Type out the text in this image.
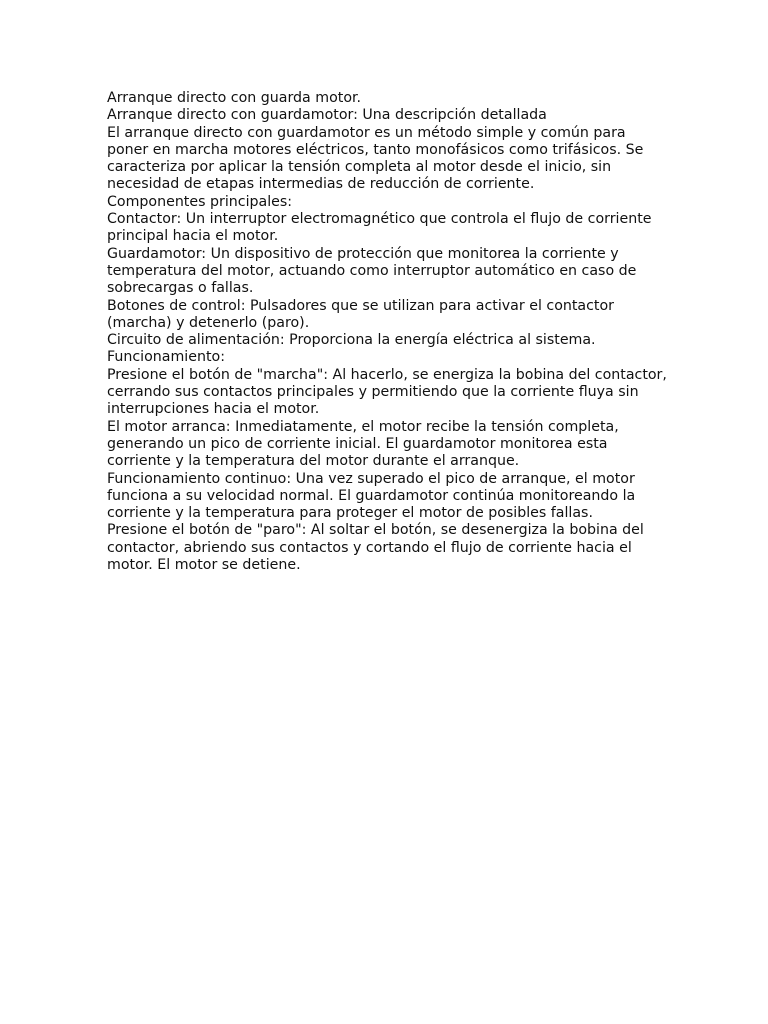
Arranque directo con guarda motor.

Arranque directo con guardamotor: Una descripción detallada

El arranque directo con guardamotor es un método simple y común para poner en marcha motores eléctricos, tanto monofásicos como trifásicos. Se caracteriza por aplicar la tensión completa al motor desde el inicio, sin necesidad de etapas intermedias de reducción de corriente.

Componentes principales:

Contactor: Un interruptor electromagnético que controla el flujo de corriente principal hacia el motor.

Guardamotor: Un dispositivo de protección que monitorea la corriente y temperatura del motor, actuando como interruptor automático en caso de sobrecargas o fallas.

Botones de control: Pulsadores que se utilizan para activar el contactor (marcha) y detenerlo (paro).

Circuito de alimentación: Proporciona la energía eléctrica al sistema.

Funcionamiento:

Presione el botón de "marcha": Al hacerlo, se energiza la bobina del contactor, cerrando sus contactos principales y permitiendo que la corriente fluya sin interrupciones hacia el motor.

El motor arranca: Inmediatamente, el motor recibe la tensión completa, generando un pico de corriente inicial. El guardamotor monitorea esta corriente y la temperatura del motor durante el arranque.

Funcionamiento continuo: Una vez superado el pico de arranque, el motor funciona a su velocidad normal. El guardamotor continúa monitoreando la corriente y la temperatura para proteger el motor de posibles fallas.

Presione el botón de "paro": Al soltar el botón, se desenergiza la bobina del contactor, abriendo sus contactos y cortando el flujo de corriente hacia el motor. El motor se detiene.
